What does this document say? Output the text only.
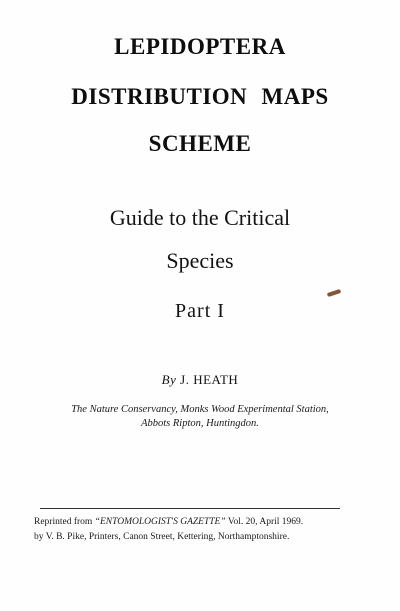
LEPIDOPTERA
DISTRIBUTION MAPS
SCHEME
Guide to the Critical
Species
Part I
By J. HEATH
The Nature Conservancy, Monks Wood Experimental Station,
Abbots Ripton, Huntingdon.
Reprinted from “ENTOMOLOGIST'S GAZETTE” Vol. 20, April 1969.
by V. B. Pike, Printers, Canon Street, Kettering, Northamptonshire.
